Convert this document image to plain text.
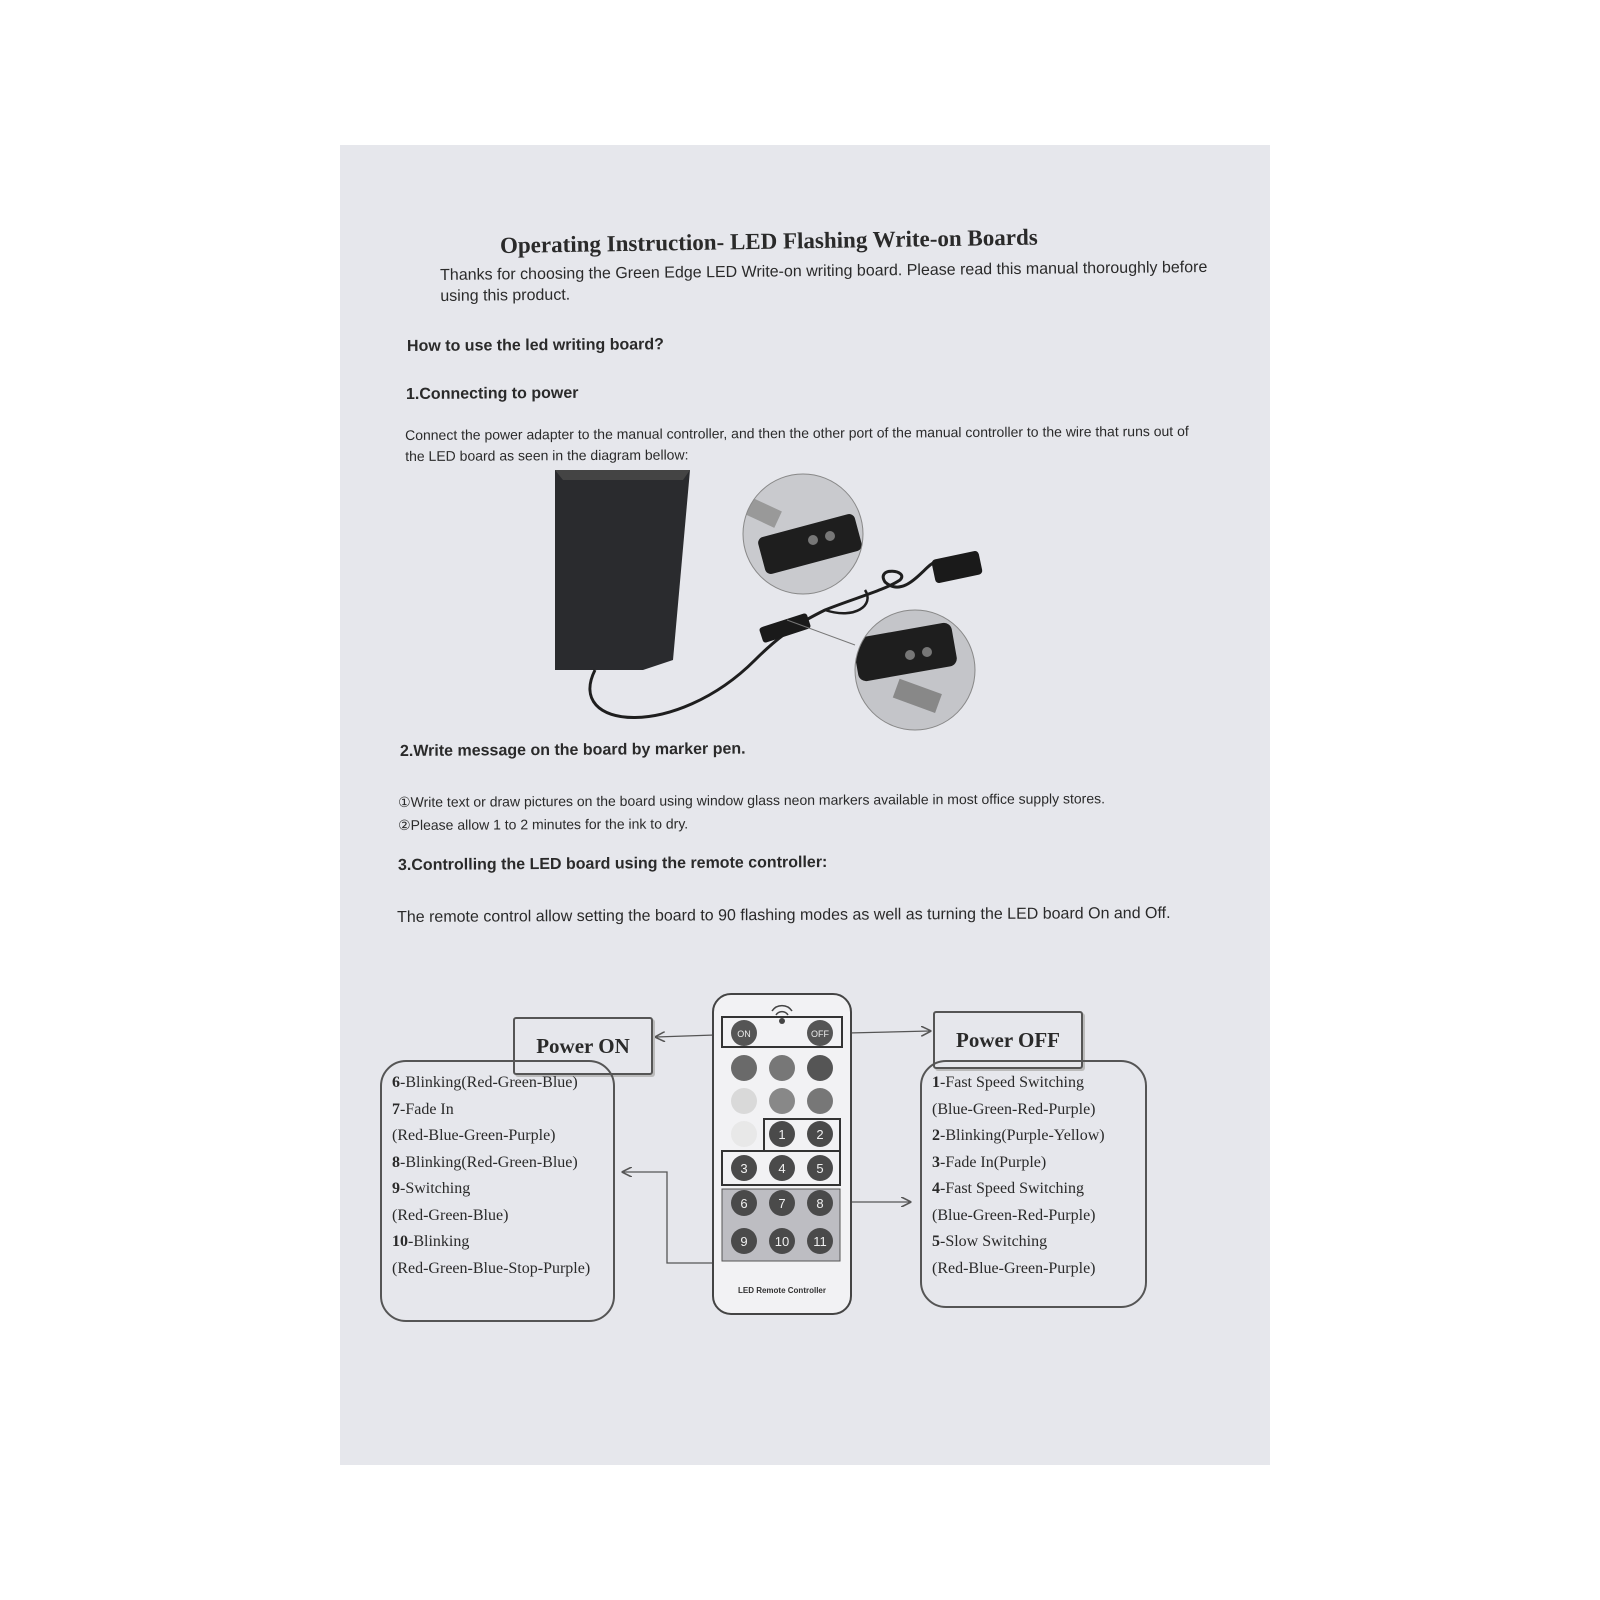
Operating Instruction- LED Flashing Write-on Boards
Thanks for choosing the Green Edge LED Write-on writing board. Please read this manual thoroughly before using this product.
How to use the led writing board?
1.Connecting to power
Connect the power adapter to the manual controller, and then the other port of the manual controller to the wire that runs out of the LED board as seen in the diagram bellow:
2.Write message on the board by marker pen.
①Write text or draw pictures on the board using window glass neon markers available in most office supply stores.
②Please allow 1 to 2 minutes for the ink to dry.
3.Controlling the LED board using the remote controller:
The remote control allow setting the board to 90 flashing modes as well as turning the LED board On and Off.
Power ON	Power OFF
ON	OFF
1 2
3 4 5
6 7 8
9 10 11
LED Remote Controller
6-Blinking(Red-Green-Blue)
7-Fade In
(Red-Blue-Green-Purple)
8-Blinking(Red-Green-Blue)
9-Switching
(Red-Green-Blue)
10-Blinking
(Red-Green-Blue-Stop-Purple)
1-Fast Speed Switching
(Blue-Green-Red-Purple)
2-Blinking(Purple-Yellow)
3-Fade In(Purple)
4-Fast Speed Switching
(Blue-Green-Red-Purple)
5-Slow Switching
(Red-Blue-Green-Purple)
